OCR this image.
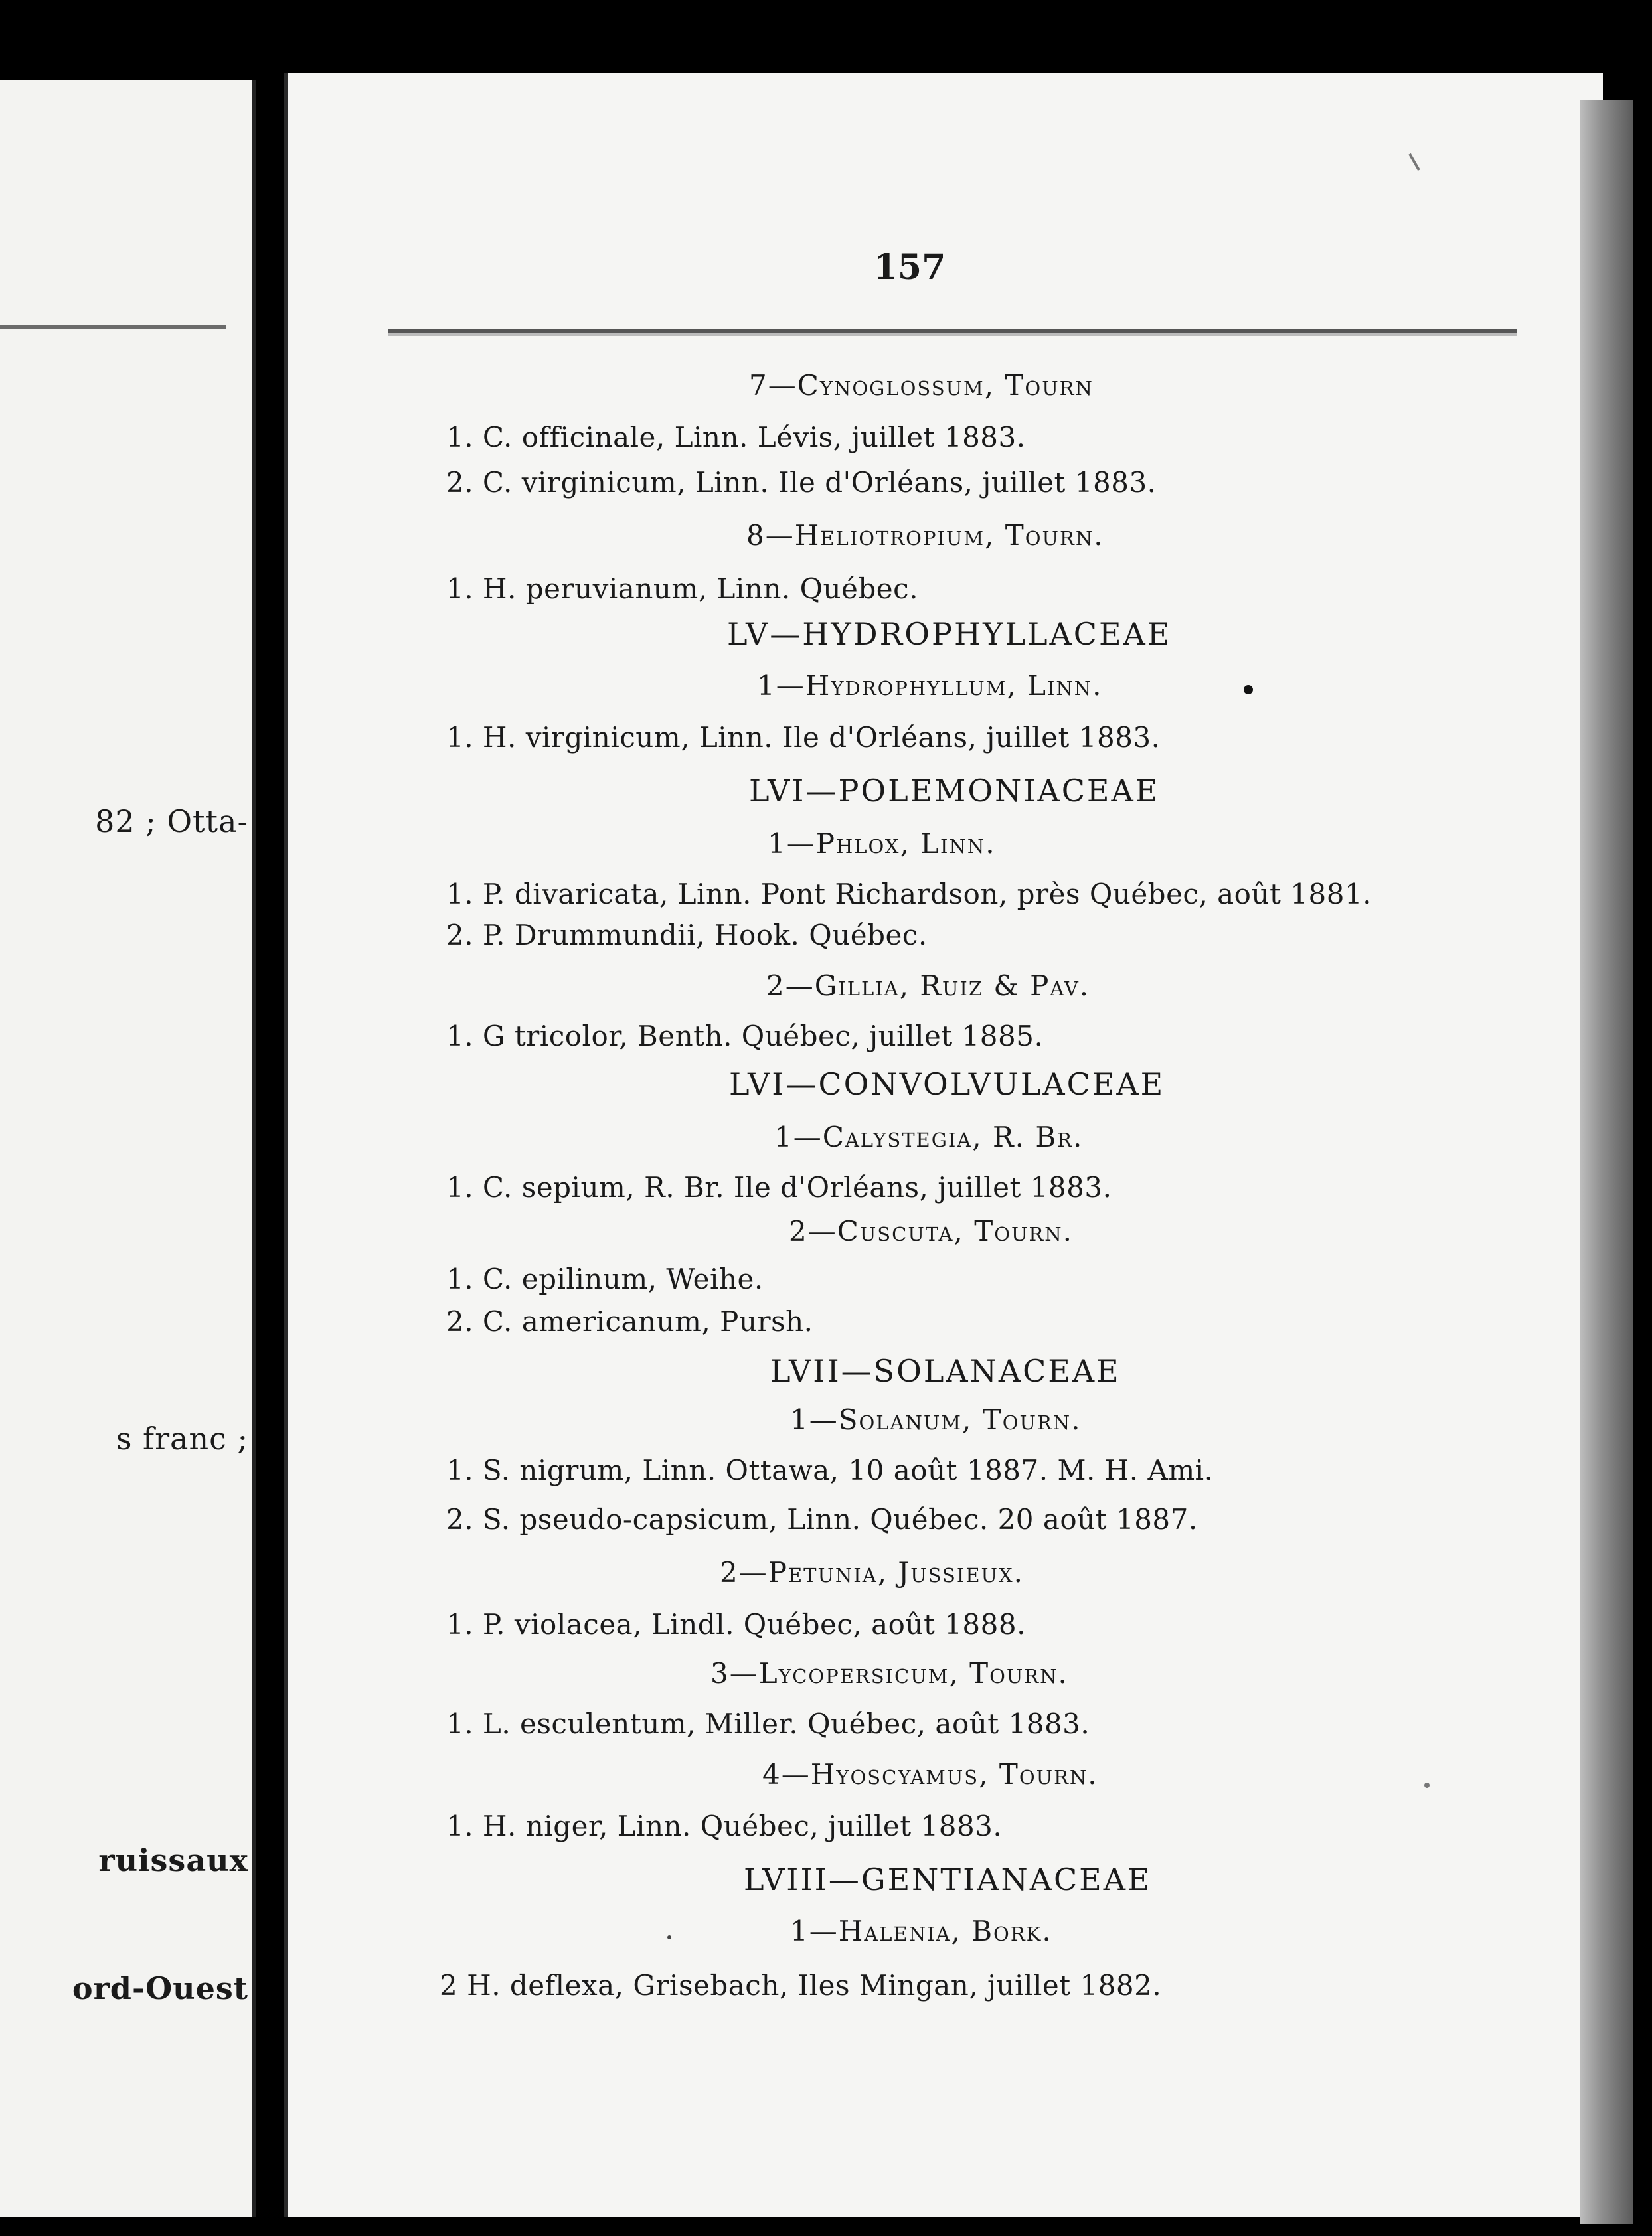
82 ; Otta-
s franc ;
ruissaux
ord-Ouest
157
7—Cynoglossum, Tourn
1. C. officinale, Linn. Lévis, juillet 1883.
2. C. virginicum, Linn. Ile d'Orléans, juillet 1883.
8—Heliotropium, Tourn.
1. H. peruvianum, Linn. Québec.
LV—HYDROPHYLLACEAE
1—Hydrophyllum, Linn.
1. H. virginicum, Linn. Ile d'Orléans, juillet 1883.
LVI—POLEMONIACEAE
1—Phlox, Linn.
1. P. divaricata, Linn. Pont Richardson, près Québec, août 1881.
2. P. Drummundii, Hook. Québec.
2—Gillia, Ruiz & Pav.
1. G tricolor, Benth. Québec, juillet 1885.
LVI—CONVOLVULACEAE
1—Calystegia, R. Br.
1. C. sepium, R. Br. Ile d'Orléans, juillet 1883.
2—Cuscuta, Tourn.
1. C. epilinum, Weihe.
2. C. americanum, Pursh.
LVII—SOLANACEAE
1—Solanum, Tourn.
1. S. nigrum, Linn. Ottawa, 10 août 1887. M. H. Ami.
2. S. pseudo-capsicum, Linn. Québec. 20 août 1887.
2—Petunia, Jussieux.
1. P. violacea, Lindl. Québec, août 1888.
3—Lycopersicum, Tourn.
1. L. esculentum, Miller. Québec, août 1883.
4—Hyoscyamus, Tourn.
1. H. niger, Linn. Québec, juillet 1883.
LVIII—GENTIANACEAE
1—Halenia, Bork.
2 H. deflexa, Grisebach, Iles Mingan, juillet 1882.
